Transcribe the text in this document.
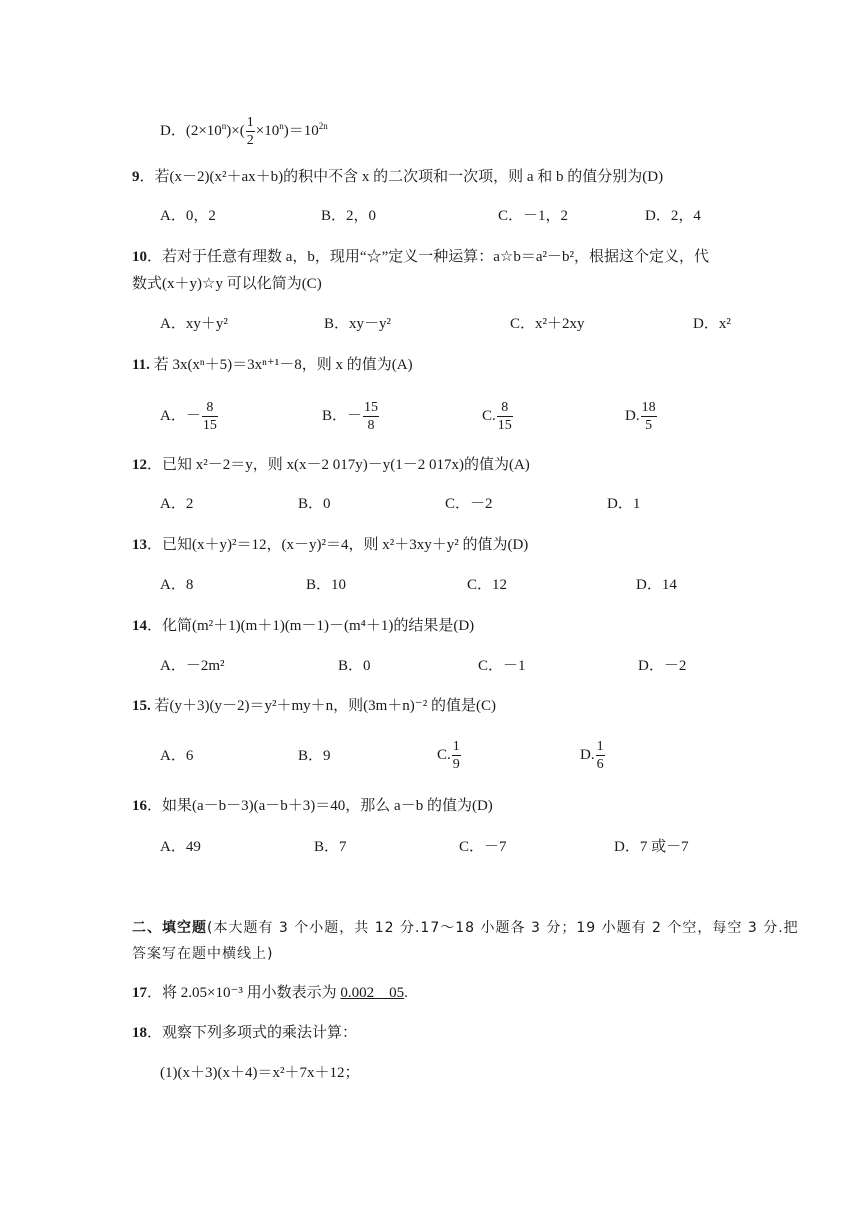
D．$(2\times 10^n)\times( \frac{1}{2} \times 10^n)=10^{2n}$
9．若(x－2)(x²＋ax＋b)的积中不含 x 的二次项和一次项，则 a 和 b 的值分别为(D)
A．0，2	B．2，0	C．－1，2	D．2，4
10．若对于任意有理数 a，b，现用“☆”定义一种运算：a☆b＝a²－b²，根据这个定义，代
数式(x＋y)☆y 可以化简为(C)
A．xy＋y²	B．xy－y²	C．x²＋2xy	D．x²
11. 若 3x(xⁿ＋5)＝3xⁿ⁺¹－8，则 x 的值为(A)
A．－ $\frac{8}{15}$	B．－ $\frac{15}{8}$	C. $\frac{8}{15}$	D. $\frac{18}{5}$
12．已知 x²－2＝y，则 x(x－2 017y)－y(1－2 017x)的值为(A)
A．2	B．0	C．－2	D．1
13．已知(x＋y)²＝12，(x－y)²＝4，则 x²＋3xy＋y² 的值为(D)
A．8	B．10	C．12	D．14
14．化简(m²＋1)(m＋1)(m－1)－(m⁴＋1)的结果是(D)
A．－2m²	B．0	C．－1	D．－2
15. 若(y＋3)(y－2)＝y²＋my＋n，则(3m＋n)⁻² 的值是(C)
A．6	B．9	C. $\frac{1}{9}$	D. $\frac{1}{6}$
16．如果(a－b－3)(a－b＋3)＝40，那么 a－b 的值为(D)
A．49	B．7	C．－7	D．7 或－7
二、填空题(本大题有 3 个小题，共 12 分.17～18 小题各 3 分；19 小题有 2 个空，每空 3 分.把
答案写在题中横线上)
17．将 2.05×10⁻³ 用小数表示为 0.002　05.
18．观察下列多项式的乘法计算：
(1)(x＋3)(x＋4)＝x²＋7x＋12；
